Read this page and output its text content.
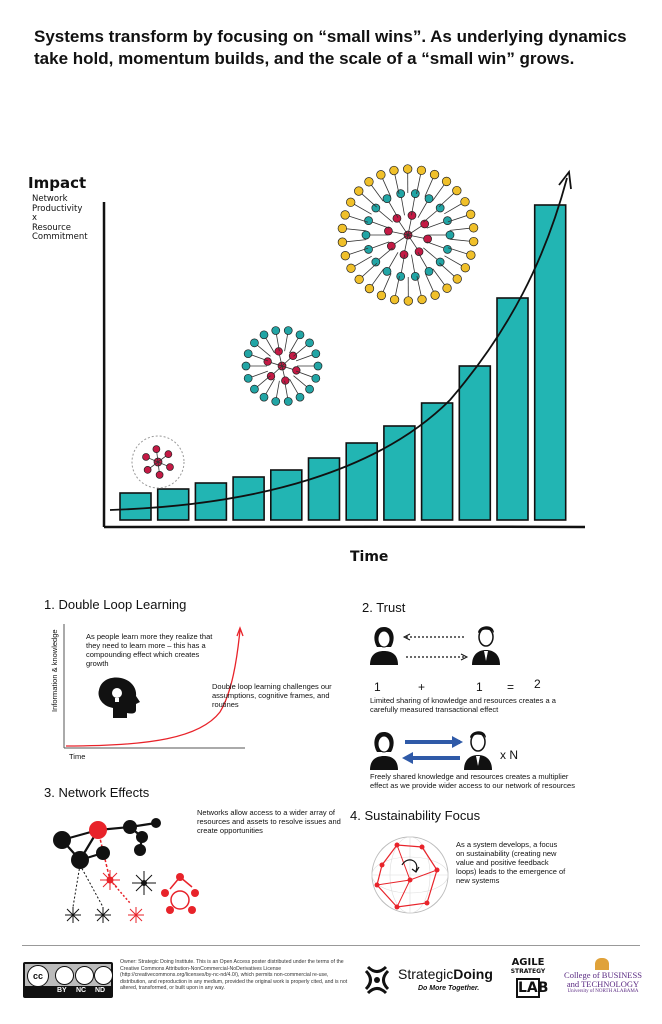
Systems transform by focusing on “small wins”. As underlying dynamics take hold, momentum builds, and the scale of a “small win” grows.
Impact
Network
Productivity
x
Resource
Commitment
Time
1. Double Loop Learning
Information & knowledge
Time
As people learn more they realize that they need to learn more – this has a compounding effect which creates growth
Double loop learning challenges our assumptions, cognitive frames, and routines
2. Trust
1	+	1 = 2
Limited sharing of knowledge and resources creates a a carefully measured transactional effect
x N
Freely shared knowledge and resources creates a multiplier effect as we provide wider access to our network of resources
3. Network Effects
Networks allow access to a wider array of resources and assets to resolve issues and create opportunities
4. Sustainability Focus
As a system develops, a focus on sustainability (creating new value and positive feedback loops) leads to the emergence of new systems
cc
BY NC ND
Owner: Strategic Doing Institute. This is an Open Access poster distributed under the terms of the Creative Commons Attribution-NonCommercial-NoDerivatives License (http://creativecommons.org/licenses/by-nc-nd/4.0/), which permits non-commercial re-use, distribution, and reproduction in any medium, provided the original work is properly cited, and is not altered, transformed, or built upon in any way.
StrategicDoing
Do More Together.
AGILE
STRATEGY
LAB
College of BUSINESS
and TECHNOLOGY
University of NORTH ALABAMA
